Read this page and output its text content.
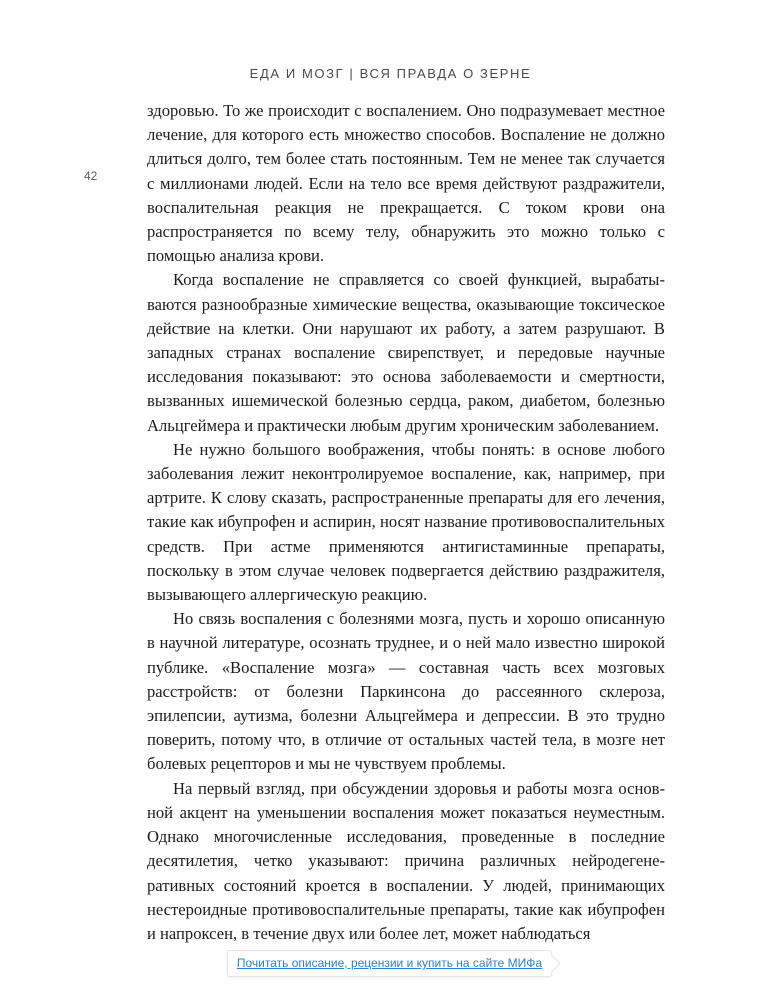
ЕДА И МОЗГ | ВСЯ ПРАВДА О ЗЕРНЕ
42

здоровью. То же происходит с воспалением. Оно подразумевает местное лечение, для которого есть множество способов. Воспаление не должно длиться долго, тем более стать постоянным. Тем не менее так случается с миллионами людей. Если на тело все время действуют раздражители, воспалительная реакция не прекращается. С током крови она распространяется по всему телу, обнаружить это можно только с помощью анализа крови.

Когда воспаление не справляется со своей функцией, вырабатываются разнообразные химические вещества, оказывающие токсическое действие на клетки. Они нарушают их работу, а затем разрушают. В западных странах воспаление свирепствует, и передовые научные исследования показывают: это основа заболеваемости и смертности, вызванных ишемической болезнью сердца, раком, диабетом, болезнью Альцгеймера и практически любым другим хроническим заболеванием.

Не нужно большого воображения, чтобы понять: в основе любого заболевания лежит неконтролируемое воспаление, как, например, при артрите. К слову сказать, распространенные препараты для его лечения, такие как ибупрофен и аспирин, носят название противовоспалительных средств. При астме применяются антигистаминные препараты, поскольку в этом случае человек подвергается действию раздражителя, вызывающего аллергическую реакцию.

Но связь воспаления с болезнями мозга, пусть и хорошо описанную в научной литературе, осознать труднее, и о ней мало известно широкой публике. «Воспаление мозга» — составная часть всех мозговых расстройств: от болезни Паркинсона до рассеянного склероза, эпилепсии, аутизма, болезни Альцгеймера и депрессии. В это трудно поверить, потому что, в отличие от остальных частей тела, в мозге нет болевых рецепторов и мы не чувствуем проблемы.

На первый взгляд, при обсуждении здоровья и работы мозга основной акцент на уменьшении воспаления может показаться неуместным. Однако многочисленные исследования, проведенные в последние десятилетия, четко указывают: причина различных нейродегенеративных состояний кроется в воспалении. У людей, принимающих нестероидные противовоспалительные препараты, такие как ибупрофен и напроксен, в течение двух или более лет, может наблюдаться

Почитать описание, рецензии и купить на сайте МИФа
